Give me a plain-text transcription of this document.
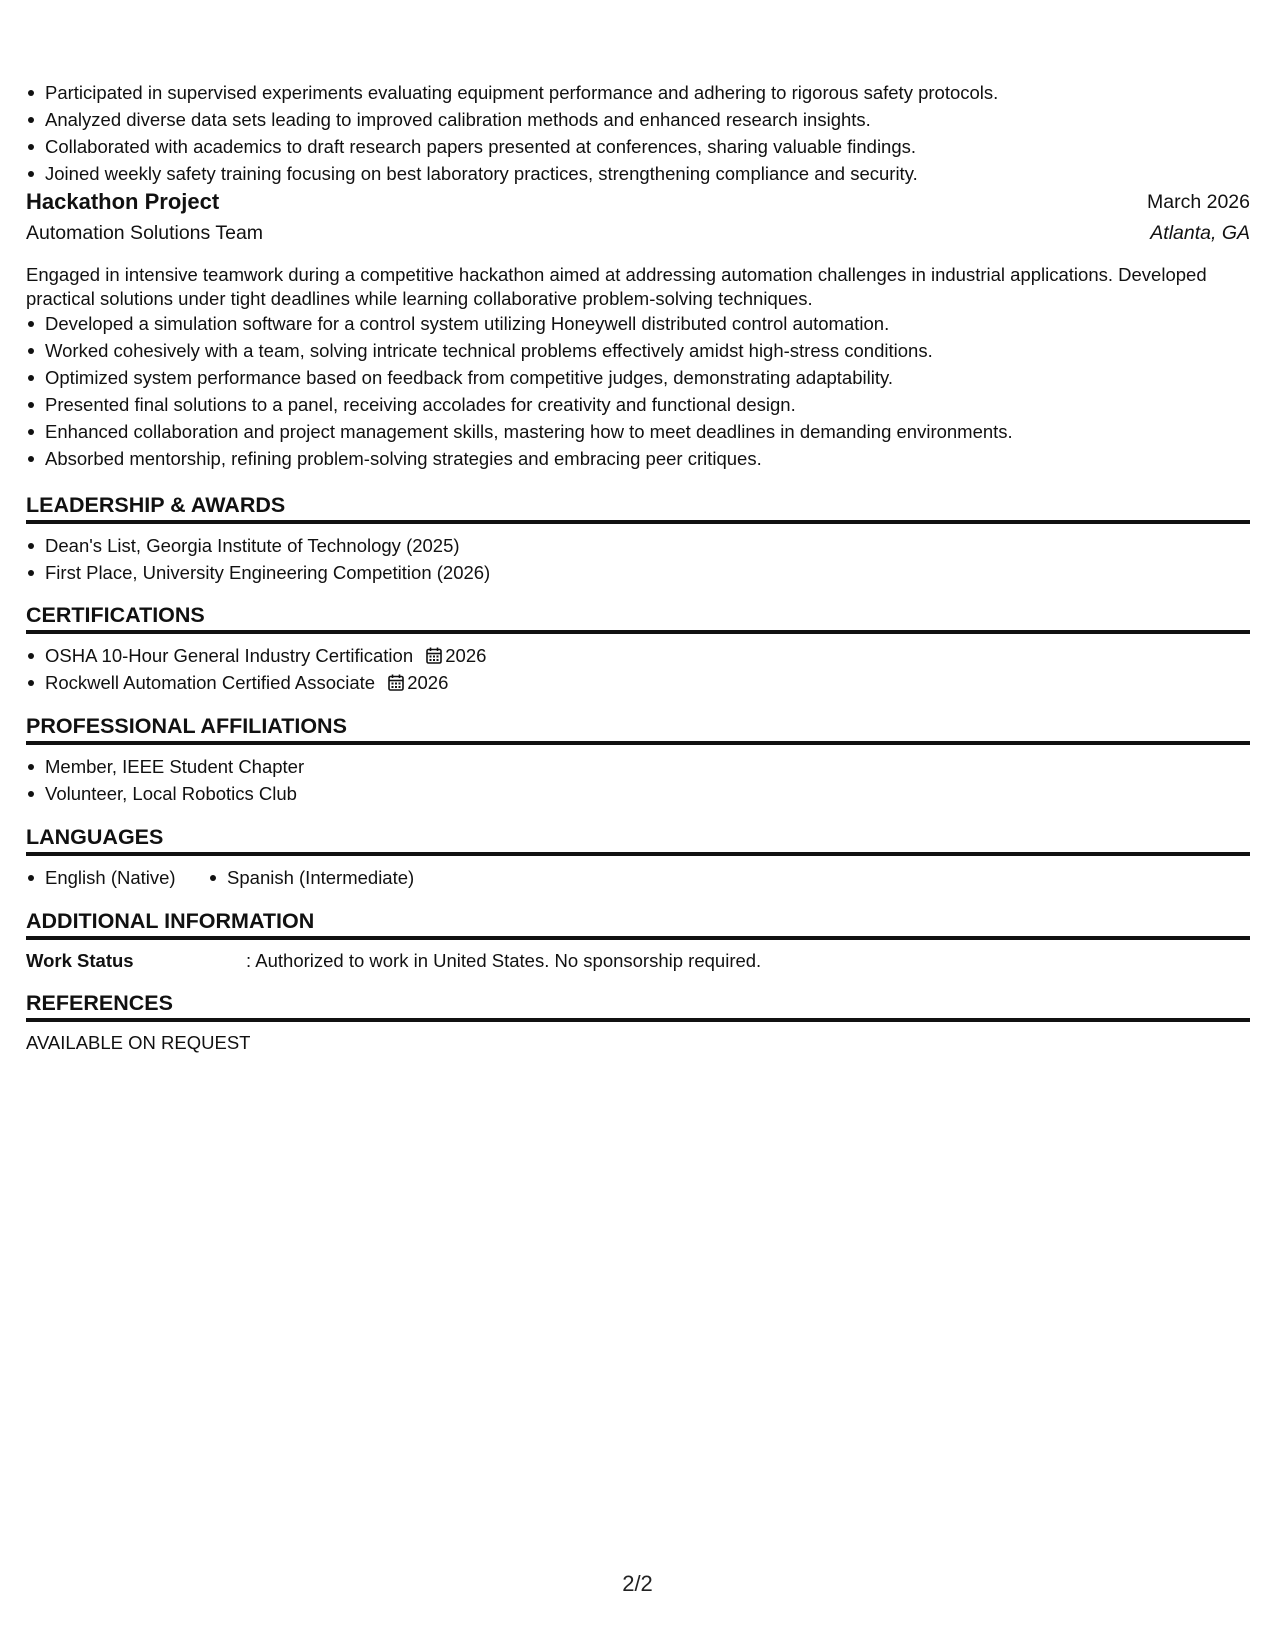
Participated in supervised experiments evaluating equipment performance and adhering to rigorous safety protocols.
Analyzed diverse data sets leading to improved calibration methods and enhanced research insights.
Collaborated with academics to draft research papers presented at conferences, sharing valuable findings.
Joined weekly safety training focusing on best laboratory practices, strengthening compliance and security.
Hackathon Project	March 2026
Automation Solutions Team	Atlanta, GA
Engaged in intensive teamwork during a competitive hackathon aimed at addressing automation challenges in industrial applications. Developed practical solutions under tight deadlines while learning collaborative problem-solving techniques.
Developed a simulation software for a control system utilizing Honeywell distributed control automation.
Worked cohesively with a team, solving intricate technical problems effectively amidst high-stress conditions.
Optimized system performance based on feedback from competitive judges, demonstrating adaptability.
Presented final solutions to a panel, receiving accolades for creativity and functional design.
Enhanced collaboration and project management skills, mastering how to meet deadlines in demanding environments.
Absorbed mentorship, refining problem-solving strategies and embracing peer critiques.
LEADERSHIP & AWARDS
Dean's List, Georgia Institute of Technology (2025)
First Place, University Engineering Competition (2026)
CERTIFICATIONS
OSHA 10-Hour General Industry Certification 2026
Rockwell Automation Certified Associate 2026
PROFESSIONAL AFFILIATIONS
Member, IEEE Student Chapter
Volunteer, Local Robotics Club
LANGUAGES
English (Native)	Spanish (Intermediate)
ADDITIONAL INFORMATION
Work Status	: Authorized to work in United States. No sponsorship required.
REFERENCES
AVAILABLE ON REQUEST
2/2
